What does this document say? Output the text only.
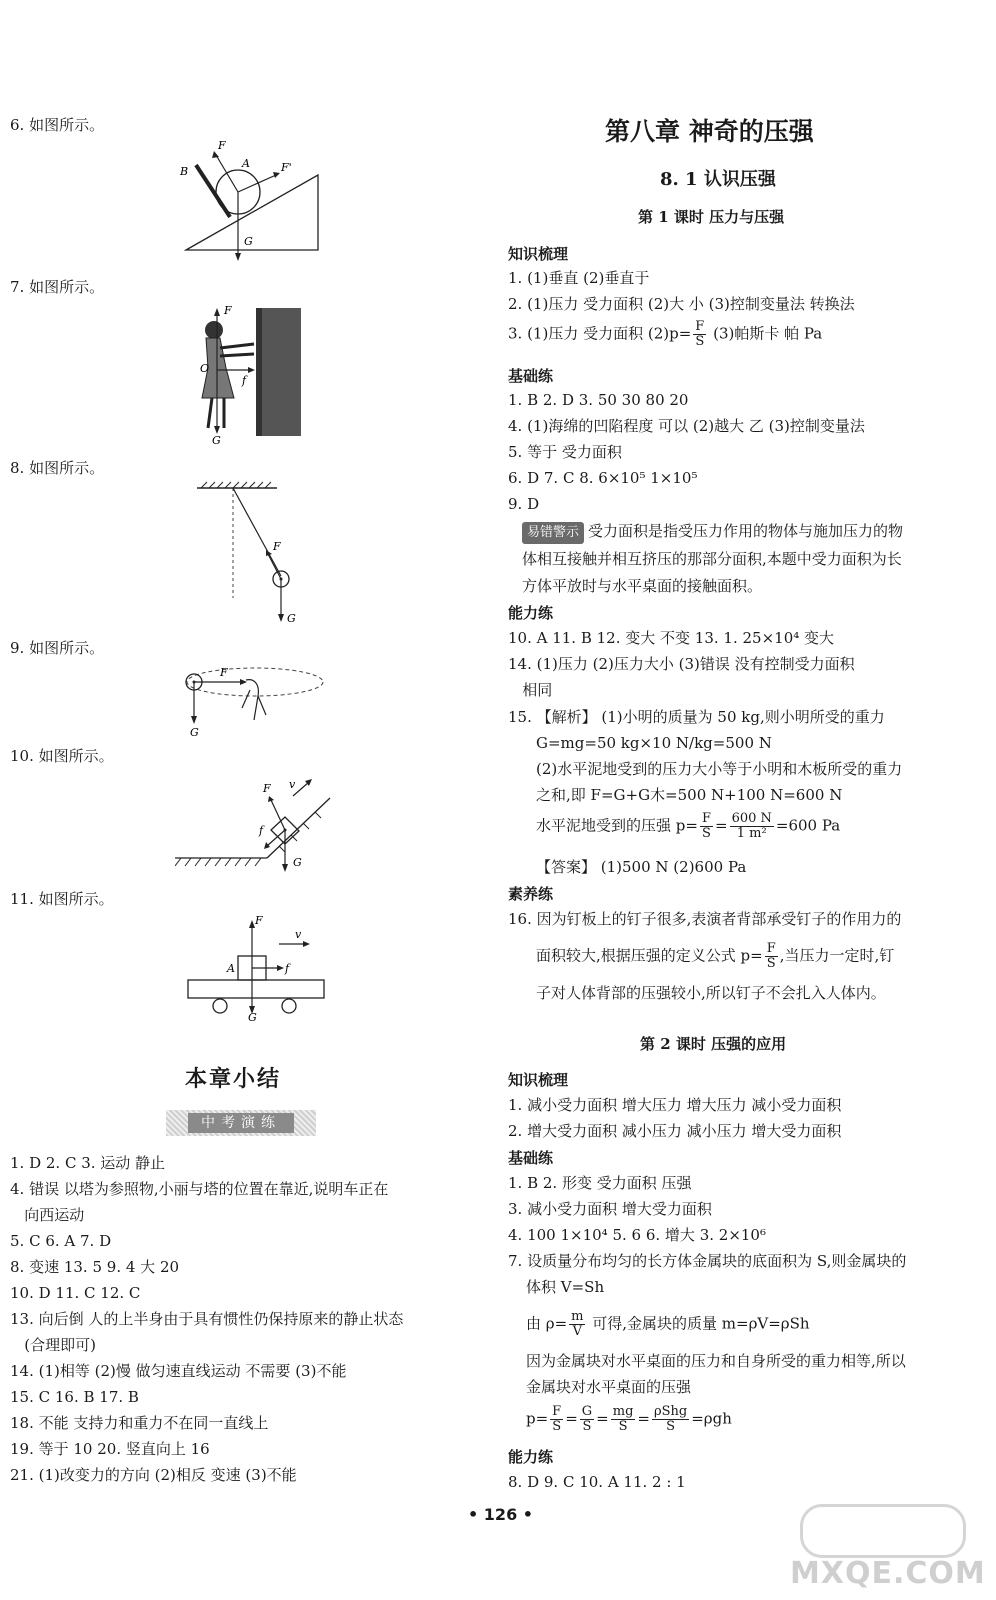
6. 如图所示。
F
A	F'
B
G
7. 如图所示。
F
O
f
G
8. 如图所示。
F
G
9. 如图所示。
F
G
10. 如图所示。
F v
f
G
11. 如图所示。
F
v
A	f
G
本章小结
中考演练
1. D 2. C 3. 运动 静止
4. 错误 以塔为参照物,小丽与塔的位置在靠近,说明车正在
向西运动
5. C 6. A 7. D
8. 变速 13. 5 9. 4 大 20
10. D 11. C 12. C
13. 向后倒 人的上半身由于具有惯性仍保持原来的静止状态
(合理即可)
14. (1)相等 (2)慢 做匀速直线运动 不需要 (3)不能
15. C 16. B 17. B
18. 不能 支持力和重力不在同一直线上
19. 等于 10 20. 竖直向上 16
21. (1)改变力的方向 (2)相反 变速 (3)不能
第八章 神奇的压强
8. 1 认识压强
第 1 课时 压力与压强
知识梳理
1. (1)垂直 (2)垂直于
2. (1)压力 受力面积 (2)大 小 (3)控制变量法 转换法
3. (1)压力 受力面积 $(2)p= \frac{F}{S} (3)$帕斯卡 帕 Pa
基础练
1. B 2. D 3. 50 30 80 20
4. (1)海绵的凹陷程度 可以 (2)越大 乙 (3)控制变量法
5. 等于 受力面积
6. D 7. C 8. 6×10⁵ 1×10⁵
9. D
易错警示 受力面积是指受压力作用的物体与施加压力的物
体相互接触并相互挤压的那部分面积,本题中受力面积为长
方体平放时与水平桌面的接触面积。
能力练
10. A 11. B 12. 变大 不变 13. 1. 25×10⁴ 变大
14. (1)压力 (2)压力大小 (3)错误 没有控制受力面积
相同
15. 【解析】 (1)小明的质量为 50 kg,则小明所受的重力
G=mg=50 kg×10 N/kg=500 N
(2)水平泥地受到的压力大小等于小明和木板所受的重力
之和,即 F=G+G木=500 N+100 N=600 N
水平泥地受到的压强 $p= \frac{F}{S} = \frac{600 N}{\text{1 m²}} =600$ Pa
【答案】 (1)500 N (2)600 Pa
素养练
16. 因为钉板上的钉子很多,表演者背部承受钉子的作用力的
面积较大,根据压强的定义公式 $p= \frac{F}{S}$ ,当压力一定时,钉
子对人体背部的压强较小,所以钉子不会扎入人体内。
第 2 课时 压强的应用
知识梳理
1. 减小受力面积 增大压力 增大压力 减小受力面积
2. 增大受力面积 减小压力 减小压力 增大受力面积
基础练
1. B 2. 形变 受力面积 压强
3. 减小受力面积 增大受力面积
4. 100 1×10⁴ 5. 6 6. 增大 3. 2×10⁶
7. 设质量分布均匀的长方体金属块的底面积为 S,则金属块的
体积 V=Sh
由 $\rho= \frac{m}{V}$ 可得,金属块的质量 m=ρV=ρSh
因为金属块对水平桌面的压力和自身所受的重力相等,所以
金属块对水平桌面的压强
$p= \frac{F}{S} = \frac{G}{S} = \frac{mg}{S} = \frac{\text{ρShg}}{S} =\rho gh$
能力练
8. D 9. C 10. A 11. 2 : 1
• 126 •
MXQE.COM
